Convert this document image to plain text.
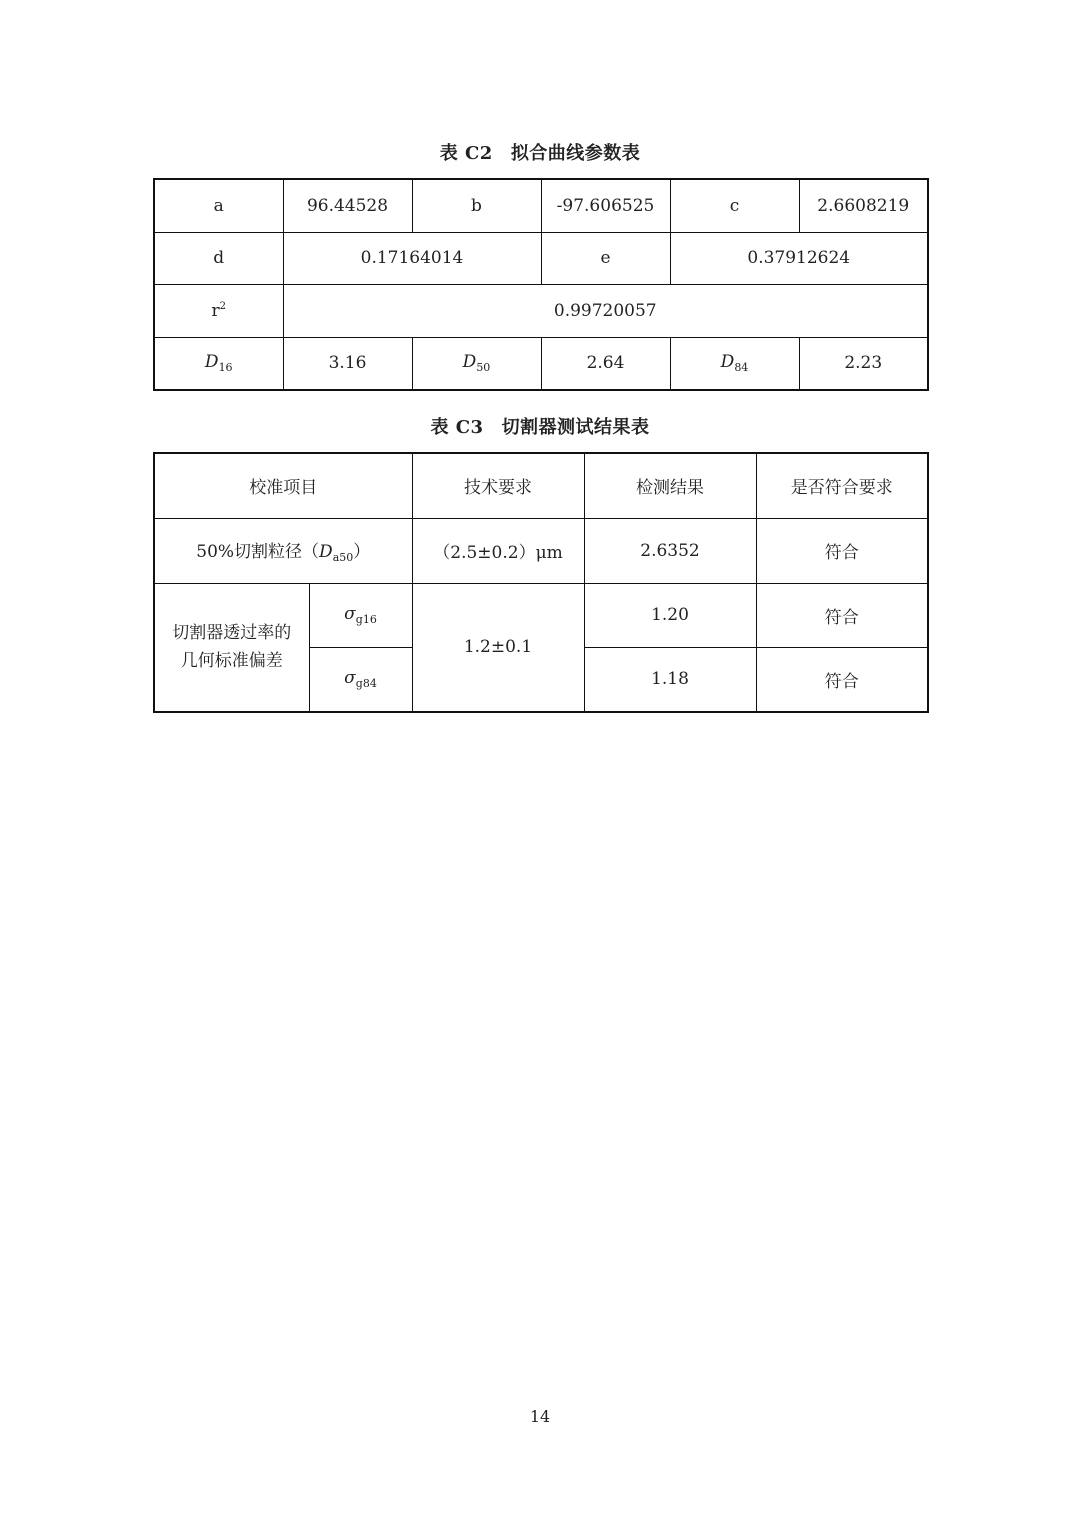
表 C2 拟合曲线参数表
a	96.44528	b	-97.606525	c	2.6608219
d	0.17164014		e	0.37912624	
$r^2$	0.99720057				
$D_{16}$	3.16	$D_{50}$	2.64	$D_{84}$	2.23
表 C3 切割器测试结果表
校准项目		技术要求	检测结果	是否符合要求
50%切割粒径$(D_{a50})$		（2.5±0.2）μm	2.6352	符合
切割器透过率的
几何标准偏差	$\sigma_{g16}$	1.2±0.1	1.20	符合
	$\sigma_{g84}$		1.18	符合
14
